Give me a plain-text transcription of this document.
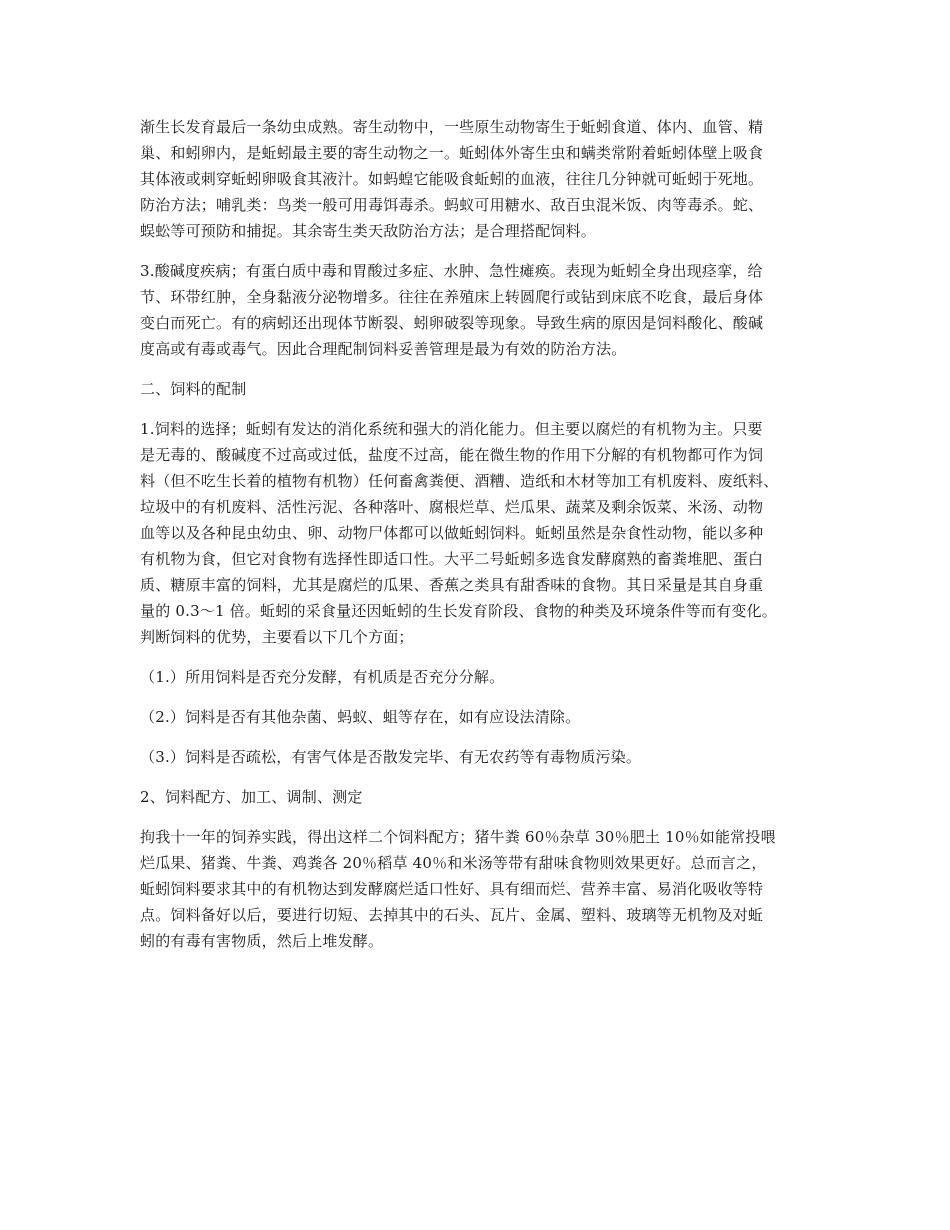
渐生长发育最后一条幼虫成熟。寄生动物中，一些原生动物寄生于蚯蚓食道、体内、血管、精
巢、和蚓卵内，是蚯蚓最主要的寄生动物之一。蚯蚓体外寄生虫和螨类常附着蚯蚓体壁上吸食
其体液或刺穿蚯蚓卵吸食其液汁。如蚂蝗它能吸食蚯蚓的血液，往往几分钟就可蚯蚓于死地。
防治方法；哺乳类：鸟类一般可用毒饵毒杀。蚂蚁可用糖水、敌百虫混米饭、肉等毒杀。蛇、
蜈蚣等可预防和捕捉。其余寄生类天敌防治方法；是合理搭配饲料。
3.酸碱度疾病；有蛋白质中毒和胃酸过多症、水肿、急性瘫痪。表现为蚯蚓全身出现痉挛，给
节、环带红肿，全身黏液分泌物增多。往往在养殖床上转圆爬行或钻到床底不吃食，最后身体
变白而死亡。有的病蚓还出现体节断裂、蚓卵破裂等现象。导致生病的原因是饲料酸化、酸碱
度高或有毒或毒气。因此合理配制饲料妥善管理是最为有效的防治方法。
二、饲料的配制
1.饲料的选择；蚯蚓有发达的消化系统和强大的消化能力。但主要以腐烂的有机物为主。只要
是无毒的、酸碱度不过高或过低，盐度不过高，能在微生物的作用下分解的有机物都可作为饲
料（但不吃生长着的植物有机物）任何畜禽粪便、酒糟、造纸和木材等加工有机废料、废纸料、
垃圾中的有机废料、活性污泥、各种落叶、腐根烂草、烂瓜果、蔬菜及剩余饭菜、米汤、动物
血等以及各种昆虫幼虫、卵、动物尸体都可以做蚯蚓饲料。蚯蚓虽然是杂食性动物，能以多种
有机物为食，但它对食物有选择性即适口性。大平二号蚯蚓多选食发酵腐熟的畜粪堆肥、蛋白
质、糖原丰富的饲料，尤其是腐烂的瓜果、香蕉之类具有甜香味的食物。其日采量是其自身重
量的 0.3～1 倍。蚯蚓的采食量还因蚯蚓的生长发育阶段、食物的种类及环境条件等而有变化。
判断饲料的优势，主要看以下几个方面；
（1.）所用饲料是否充分发酵，有机质是否充分分解。
（2.）饲料是否有其他杂菌、蚂蚁、蛆等存在，如有应设法清除。
（3.）饲料是否疏松，有害气体是否散发完毕、有无农药等有毒物质污染。
2、饲料配方、加工、调制、测定
拘我十一年的饲养实践，得出这样二个饲料配方；猪牛粪 60％杂草 30％肥土 10％如能常投喂
烂瓜果、猪粪、牛粪、鸡粪各 20％稻草 40％和米汤等带有甜味食物则效果更好。总而言之，
蚯蚓饲料要求其中的有机物达到发酵腐烂适口性好、具有细而烂、营养丰富、易消化吸收等特
点。饲料备好以后，要进行切短、去掉其中的石头、瓦片、金属、塑料、玻璃等无机物及对蚯
蚓的有毒有害物质，然后上堆发酵。
